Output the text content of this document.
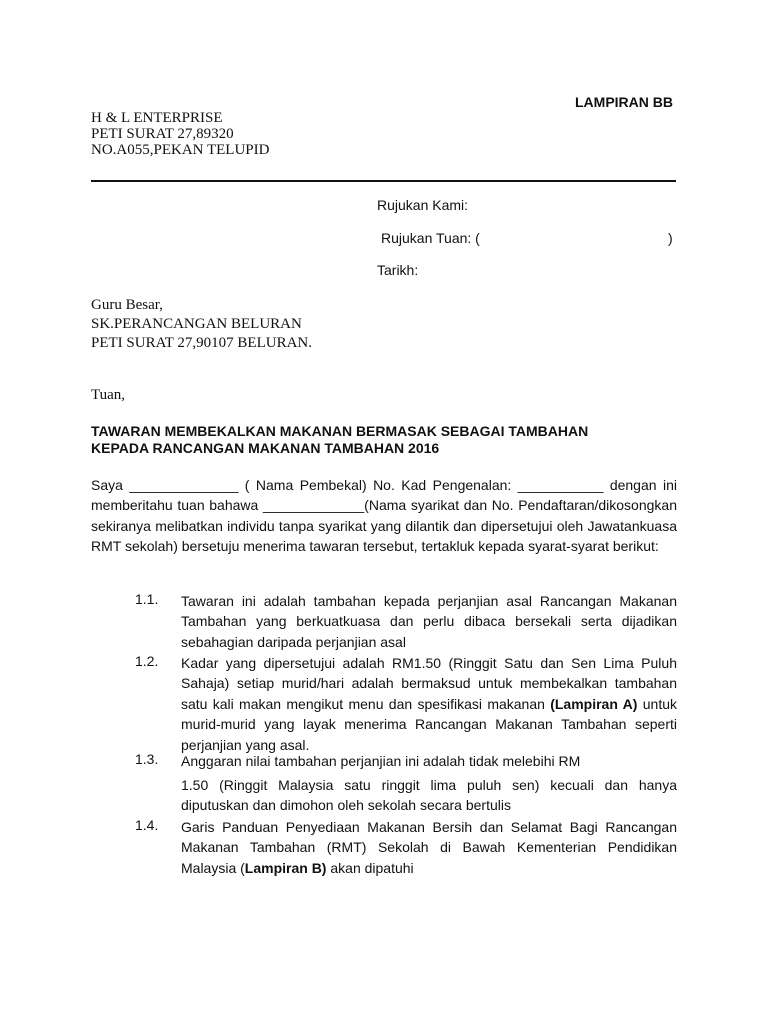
LAMPIRAN BB
H & L ENTERPRISE
PETI SURAT 27,89320
NO.A055,PEKAN TELUPID
Rujukan Kami:
Rujukan Tuan: (	)
Tarikh:
Guru Besar,
SK.PERANCANGAN BELURAN
PETI SURAT 27,90107 BELURAN.
Tuan,
TAWARAN MEMBEKALKAN MAKANAN BERMASAK SEBAGAI TAMBAHAN
KEPADA RANCANGAN MAKANAN TAMBAHAN 2016
Saya ______________ ( Nama Pembekal) No. Kad Pengenalan: ___________ dengan ini memberitahu tuan bahawa _____________(Nama syarikat dan No. Pendaftaran/dikosongkan sekiranya melibatkan individu tanpa syarikat yang dilantik dan dipersetujui oleh Jawatankuasa RMT sekolah) bersetuju menerima tawaran tersebut, tertakluk kepada syarat-syarat berikut:
1.1. Tawaran ini adalah tambahan kepada perjanjian asal Rancangan Makanan Tambahan yang berkuatkuasa dan perlu dibaca bersekali serta dijadikan sebahagian daripada perjanjian asal
1.2. Kadar yang dipersetujui adalah RM1.50 (Ringgit Satu dan Sen Lima Puluh Sahaja) setiap murid/hari adalah bermaksud untuk membekalkan tambahan satu kali makan mengikut menu dan spesifikasi makanan (Lampiran A) untuk murid-murid yang layak menerima Rancangan Makanan Tambahan seperti perjanjian yang asal.
1.3. Anggaran nilai tambahan perjanjian ini adalah tidak melebihi RM
1.50 (Ringgit Malaysia satu ringgit lima puluh sen) kecuali dan hanya diputuskan dan dimohon oleh sekolah secara bertulis
1.4. Garis Panduan Penyediaan Makanan Bersih dan Selamat Bagi Rancangan Makanan Tambahan (RMT) Sekolah di Bawah Kementerian Pendidikan Malaysia (Lampiran B) akan dipatuhi
